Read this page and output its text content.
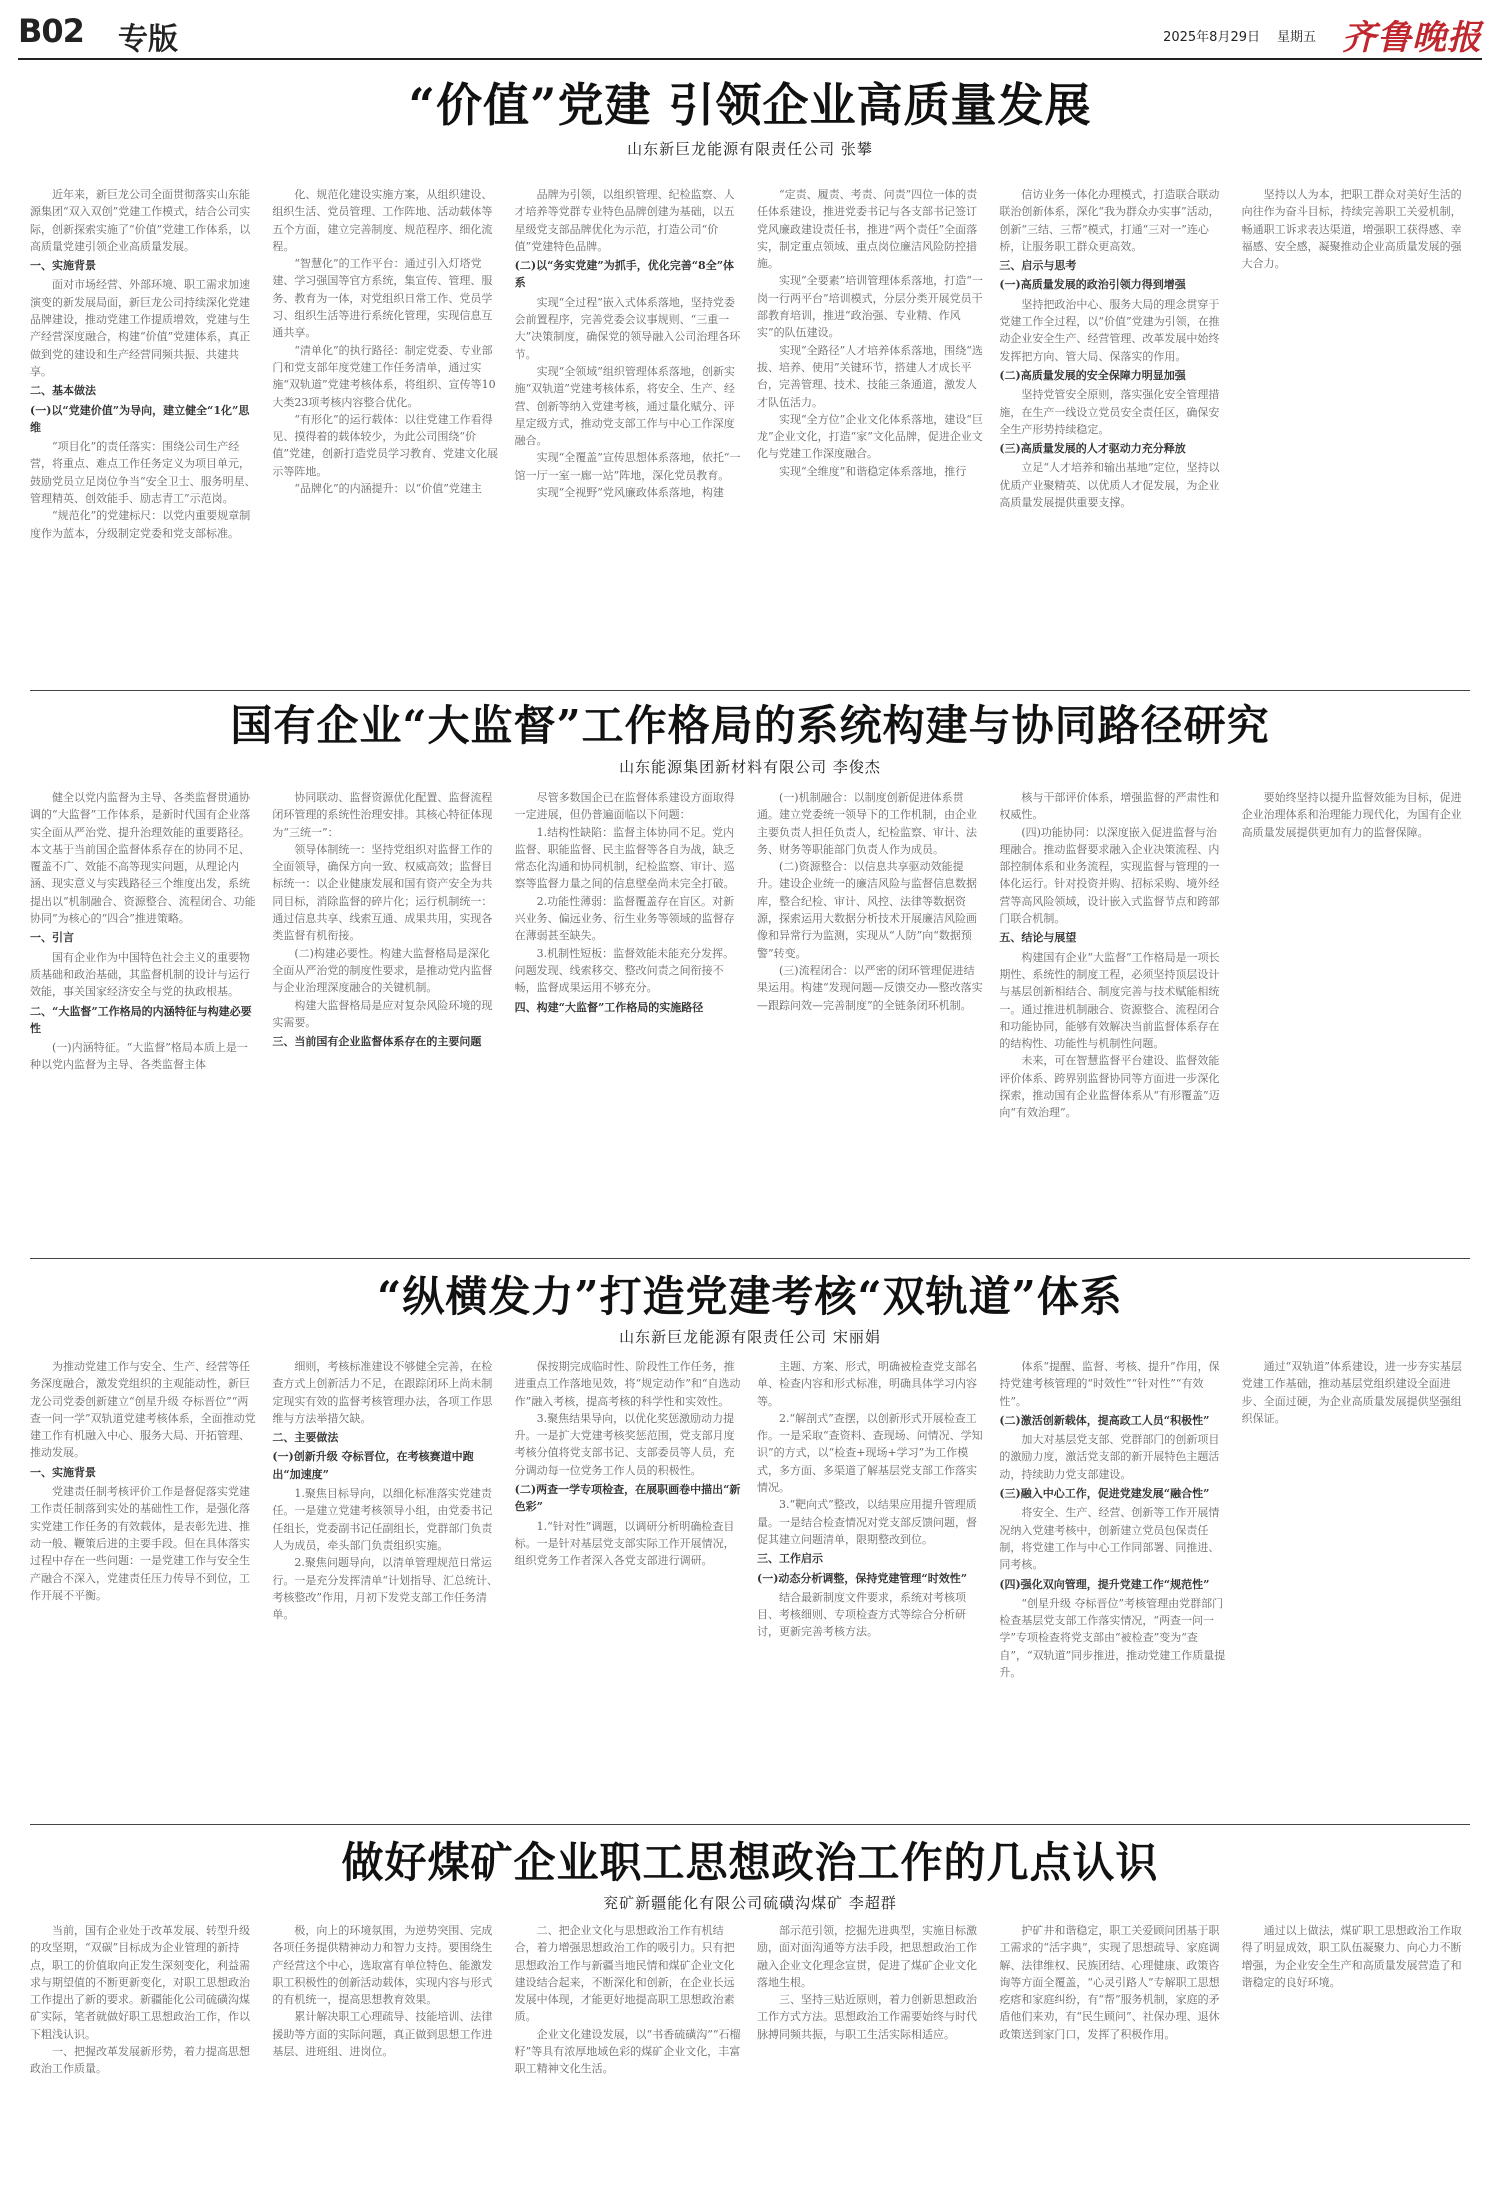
B02 专版	2025年8月29日 星期五 齐鲁晚报
“价值”党建 引领企业高质量发展
山东新巨龙能源有限责任公司 张攀
近年来，新巨龙公司全面贯彻落实山东能源集团“双入双创”党建工作模式，结合公司实际，创新探索实施了“价值”党建工作体系，以高质量党建引领企业高质量发展。
一、实施背景
面对市场经营、外部环境、职工需求加速演变的新发展局面，新巨龙公司持续深化党建品牌建设，推动党建工作提质增效，党建与生产经营深度融合，构建“价值”党建体系，真正做到党的建设和生产经营同频共振、共建共享。
二、基本做法
(一)以“党建价值”为导向，建立健全“1化”思维
“项目化”的责任落实：围绕公司生产经营，将重点、难点工作任务定义为项目单元，鼓励党员立足岗位争当“安全卫士、服务明星、管理精英、创效能手、励志青工”示范岗。
“规范化”的党建标尺：以党内重要规章制度作为蓝本，分级制定党委和党支部标准。
化、规范化建设实施方案，从组织建设、组织生活、党员管理、工作阵地、活动载体等五个方面，建立完善制度、规范程序、细化流程。
“智慧化”的工作平台：通过引入灯塔党建、学习强国等官方系统，集宣传、管理、服务、教育为一体，对党组织日常工作、党员学习、组织生活等进行系统化管理，实现信息互通共享。
“清单化”的执行路径：制定党委、专业部门和党支部年度党建工作任务清单，通过实施“双轨道”党建考核体系，将组织、宣传等10大类23项考核内容整合优化。
“有形化”的运行载体：以往党建工作看得见、摸得着的载体较少，为此公司围绕“价值”党建，创新打造党员学习教育、党建文化展示等阵地。
“品牌化”的内涵提升：以“价值”党建主
品牌为引领，以组织管理、纪检监察、人才培养等党群专业特色品牌创建为基础，以五星级党支部品牌优化为示范，打造公司“价值”党建特色品牌。
(二)以“务实党建”为抓手，优化完善“8全”体系
实现“全过程”嵌入式体系落地，坚持党委会前置程序，完善党委会议事规则、“三重一大”决策制度，确保党的领导融入公司治理各环节。
实现“全领域”组织管理体系落地，创新实施“双轨道”党建考核体系，将安全、生产、经营、创新等纳入党建考核，通过量化赋分、评星定级方式，推动党支部工作与中心工作深度融合。
实现“全覆盖”宣传思想体系落地，依托“一馆一厅一室一廊一站”阵地，深化党员教育。
实现“全视野”党风廉政体系落地，构建
“定责、履责、考责、问责”四位一体的责任体系建设，推进党委书记与各支部书记签订党风廉政建设责任书，推进“两个责任”全面落实，制定重点领域、重点岗位廉洁风险防控措施。
实现“全要素”培训管理体系落地，打造“一岗一行两平台”培训模式，分层分类开展党员干部教育培训，推进“政治强、专业精、作风实”的队伍建设。
实现“全路径”人才培养体系落地，围绕“选拔、培养、使用”关键环节，搭建人才成长平台，完善管理、技术、技能三条通道，激发人才队伍活力。
实现“全方位”企业文化体系落地，建设“巨龙”企业文化，打造“家”文化品牌，促进企业文化与党建工作深度融合。
实现“全维度”和谐稳定体系落地，推行
信访业务一体化办理模式，打造联合联动联治创新体系，深化“我为群众办实事”活动，创新“三结、三帮”模式，打通“三对一”连心桥，让服务职工群众更高效。
三、启示与思考
(一)高质量发展的政治引领力得到增强
坚持把政治中心、服务大局的理念贯穿于党建工作全过程，以“价值”党建为引领，在推动企业安全生产、经营管理、改革发展中始终发挥把方向、管大局、保落实的作用。
(二)高质量发展的安全保障力明显加强
坚持党管安全原则，落实强化安全管理措施，在生产一线设立党员安全责任区，确保安全生产形势持续稳定。
(三)高质量发展的人才驱动力充分释放
立足“人才培养和输出基地”定位，坚持以优质产业聚精英、以优质人才促发展，为企业高质量发展提供重要支撑。
坚持以人为本，把职工群众对美好生活的向往作为奋斗目标，持续完善职工关爱机制，畅通职工诉求表达渠道，增强职工获得感、幸福感、安全感，凝聚推动企业高质量发展的强大合力。
国有企业“大监督”工作格局的系统构建与协同路径研究
山东能源集团新材料有限公司 李俊杰
健全以党内监督为主导、各类监督贯通协调的“大监督”工作体系，是新时代国有企业落实全面从严治党、提升治理效能的重要路径。本文基于当前国企监督体系存在的协同不足、覆盖不广、效能不高等现实问题，从理论内涵、现实意义与实践路径三个维度出发，系统提出以“机制融合、资源整合、流程闭合、功能协同”为核心的“四合”推进策略。
一、引言
国有企业作为中国特色社会主义的重要物质基础和政治基础，其监督机制的设计与运行效能，事关国家经济安全与党的执政根基。
二、“大监督”工作格局的内涵特征与构建必要性
(一)内涵特征。“大监督”格局本质上是一种以党内监督为主导、各类监督主体
协同联动、监督资源优化配置、监督流程闭环管理的系统性治理安排。其核心特征体现为“三统一”：
领导体制统一：坚持党组织对监督工作的全面领导，确保方向一致、权威高效；监督目标统一：以企业健康发展和国有资产安全为共同目标，消除监督的碎片化；运行机制统一：通过信息共享、线索互通、成果共用，实现各类监督有机衔接。
(二)构建必要性。构建大监督格局是深化全面从严治党的制度性要求，是推动党内监督与企业治理深度融合的关键机制。
构建大监督格局是应对复杂风险环境的现实需要。
三、当前国有企业监督体系存在的主要问题
尽管多数国企已在监督体系建设方面取得一定进展，但仍普遍面临以下问题：
1.结构性缺陷：监督主体协同不足。党内监督、职能监督、民主监督等各自为战，缺乏常态化沟通和协同机制，纪检监察、审计、巡察等监督力量之间的信息壁垒尚未完全打破。
2.功能性薄弱：监督覆盖存在盲区。对新兴业务、偏远业务、衍生业务等领域的监督存在薄弱甚至缺失。
3.机制性短板：监督效能未能充分发挥。问题发现、线索移交、整改问责之间衔接不畅，监督成果运用不够充分。
四、构建“大监督”工作格局的实施路径
(一)机制融合：以制度创新促进体系贯通。建立党委统一领导下的工作机制，由企业主要负责人担任负责人，纪检监察、审计、法务、财务等职能部门负责人作为成员。
(二)资源整合：以信息共享驱动效能提升。建设企业统一的廉洁风险与监督信息数据库，整合纪检、审计、风控、法律等数据资源，探索运用大数据分析技术开展廉洁风险画像和异常行为监测，实现从“人防”向“数据预警”转变。
(三)流程闭合：以严密的闭环管理促进结果运用。构建“发现问题—反馈交办—整改落实—跟踪问效—完善制度”的全链条闭环机制。
核与干部评价体系，增强监督的严肃性和权威性。
(四)功能协同：以深度嵌入促进监督与治理融合。推动监督要求融入企业决策流程、内部控制体系和业务流程，实现监督与管理的一体化运行。针对投资并购、招标采购、境外经营等高风险领域，设计嵌入式监督节点和跨部门联合机制。
五、结论与展望
构建国有企业“大监督”工作格局是一项长期性、系统性的制度工程，必须坚持顶层设计与基层创新相结合、制度完善与技术赋能相统一。通过推进机制融合、资源整合、流程闭合和功能协同，能够有效解决当前监督体系存在的结构性、功能性与机制性问题。
未来，可在智慧监督平台建设、监督效能评价体系、跨界别监督协同等方面进一步深化探索，推动国有企业监督体系从“有形覆盖”迈向“有效治理”。
要始终坚持以提升监督效能为目标，促进企业治理体系和治理能力现代化，为国有企业高质量发展提供更加有力的监督保障。
“纵横发力”打造党建考核“双轨道”体系
山东新巨龙能源有限责任公司 宋丽娟
为推动党建工作与安全、生产、经营等任务深度融合，激发党组织的主观能动性，新巨龙公司党委创新建立“创星升级 夺标晋位”“两查一问一学”双轨道党建考核体系，全面推动党建工作有机融入中心、服务大局、开拓管理、推动发展。
一、实施背景
党建责任制考核评价工作是督促落实党建工作责任制落到实处的基础性工作，是强化落实党建工作任务的有效载体，是表彰先进、推动一般、鞭策后进的主要手段。但在具体落实过程中存在一些问题：一是党建工作与安全生产融合不深入，党建责任压力传导不到位，工作开展不平衡。
细则，考核标准建设不够健全完善，在检查方式上创新活力不足，在跟踪闭环上尚未制定现实有效的监督考核管理办法，各项工作思维与方法举措欠缺。
二、主要做法
(一)创新升级 夺标晋位，在考核赛道中跑出“加速度”
1.聚焦目标导向，以细化标准落实党建责任。一是建立党建考核领导小组，由党委书记任组长，党委副书记任副组长，党群部门负责人为成员，牵头部门负责组织实施。
2.聚焦问题导向，以清单管理规范日常运行。一是充分发挥清单“计划指导、汇总统计、考核整改”作用，月初下发党支部工作任务清单。
保按期完成临时性、阶段性工作任务，推进重点工作落地见效，将“规定动作”和“自选动作”融入考核，提高考核的科学性和实效性。
3.聚焦结果导向，以优化奖惩激励动力提升。一是扩大党建考核奖惩范围，党支部月度考核分值将党支部书记、支部委员等人员，充分调动每一位党务工作人员的积极性。
(二)两查一学专项检查，在展职画卷中描出“新色彩”
1.“针对性”调题，以调研分析明确检查目标。一是针对基层党支部实际工作开展情况，组织党务工作者深入各党支部进行调研。
主题、方案、形式，明确被检查党支部名单、检查内容和形式标准，明确具体学习内容等。
2.“解剖式”查摆，以创新形式开展检查工作。一是采取“查资料、查现场、问情况、学知识”的方式，以“检查+现场+学习”为工作模式，多方面、多渠道了解基层党支部工作落实情况。
3.“靶向式”整改，以结果应用提升管理质量。一是结合检查情况对党支部反馈问题，督促其建立问题清单，限期整改到位。
三、工作启示
(一)动态分析调整，保持党建管理“时效性”
结合最新制度文件要求，系统对考核项目、考核细则、专项检查方式等综合分析研讨，更新完善考核方法。
体系“提醒、监督、考核、提升”作用，保持党建考核管理的“时效性”“针对性”“有效性”。
(二)激活创新载体，提高政工人员“积极性”
加大对基层党支部、党群部门的创新项目的激励力度，激活党支部的新开展特色主题活动，持续助力党支部建设。
(三)融入中心工作，促进党建发展“融合性”
将安全、生产、经营、创新等工作开展情况纳入党建考核中，创新建立党员包保责任制，将党建工作与中心工作同部署、同推进、同考核。
(四)强化双向管理，提升党建工作“规范性”
“创星升级 夺标晋位”考核管理由党群部门检查基层党支部工作落实情况，“两查一问一学”专项检查将党支部由“被检查”变为“查自”，“双轨道”同步推进，推动党建工作质量提升。
通过“双轨道”体系建设，进一步夯实基层党建工作基础，推动基层党组织建设全面进步、全面过硬，为企业高质量发展提供坚强组织保证。
做好煤矿企业职工思想政治工作的几点认识
兖矿新疆能化有限公司硫磺沟煤矿 李超群
当前，国有企业处于改革发展、转型升级的攻坚期，“双碳”目标成为企业管理的新持点，职工的价值取向正发生深刻变化，利益需求与期望值的不断更新变化，对职工思想政治工作提出了新的要求。新疆能化公司硫磺沟煤矿实际，笔者就做好职工思想政治工作，作以下粗浅认识。
一、把握改革发展新形势，着力提高思想政治工作质量。
极，向上的环境氛围，为逆势突围、完成各项任务提供精神动力和智力支持。要围绕生产经营这个中心，选取富有单位特色、能激发职工积极性的创新活动载体，实现内容与形式的有机统一，提高思想教育效果。
累计解决职工心理疏导、技能培训、法律援助等方面的实际问题，真正做到思想工作进基层、进班组、进岗位。
二、把企业文化与思想政治工作有机结合，着力增强思想政治工作的吸引力。只有把思想政治工作与新疆当地民情和煤矿企业文化建设结合起来，不断深化和创新，在企业长远发展中体现，才能更好地提高职工思想政治素质。
企业文化建设发展，以“书香硫磺沟”“石榴籽”等具有浓厚地域色彩的煤矿企业文化，丰富职工精神文化生活。
部示范引领，挖掘先进典型，实施目标激励，面对面沟通等方法手段，把思想政治工作融入企业文化理念宣贯，促进了煤矿企业文化落地生根。
三、坚持三贴近原则，着力创新思想政治工作方式方法。思想政治工作需要始终与时代脉搏同频共振，与职工生活实际相适应。
护矿井和谐稳定，职工关爱顾问团基于职工需求的“活字典”，实现了思想疏导、家庭调解、法律维权、民族团结、心理健康、政策咨询等方面全覆盖，“心灵引路人”专解职工思想疙瘩和家庭纠纷，有“帮”服务机制，家庭的矛盾他们来劝，有“民生顾问”、社保办理、退休政策送到家门口，发挥了积极作用。
通过以上做法，煤矿职工思想政治工作取得了明显成效，职工队伍凝聚力、向心力不断增强，为企业安全生产和高质量发展营造了和谐稳定的良好环境。
